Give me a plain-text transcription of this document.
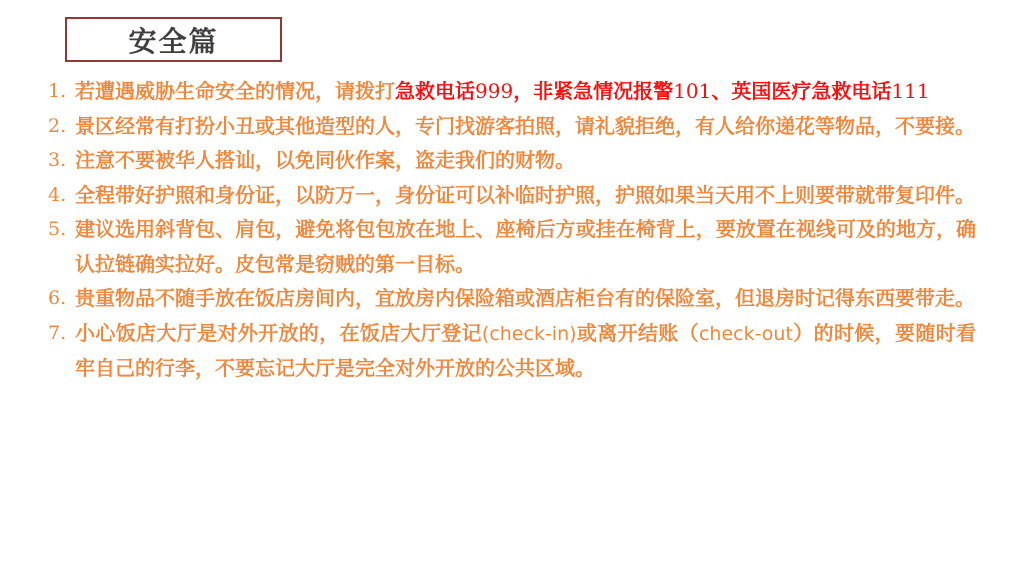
安全篇
1. 若遭遇威胁生命安全的情况，请拨打急救电话999，非紧急情况报警101、英国医疗急救电话111
2. 景区经常有打扮小丑或其他造型的人，专门找游客拍照，请礼貌拒绝，有人给你递花等物品，不要接。
3. 注意不要被华人搭讪，以免同伙作案，盗走我们的财物。
4. 全程带好护照和身份证，以防万一，身份证可以补临时护照，护照如果当天用不上则要带就带复印件。
5. 建议选用斜背包、肩包，避免将包包放在地上、座椅后方或挂在椅背上，要放置在视线可及的地方，确认拉链确实拉好。皮包常是窃贼的第一目标。
6. 贵重物品不随手放在饭店房间内，宜放房内保险箱或酒店柜台有的保险室，但退房时记得东西要带走。
7. 小心饭店大厅是对外开放的，在饭店大厅登记(check-in)或离开结账（check-out）的时候，要随时看牢自己的行李，不要忘记大厅是完全对外开放的公共区域。
